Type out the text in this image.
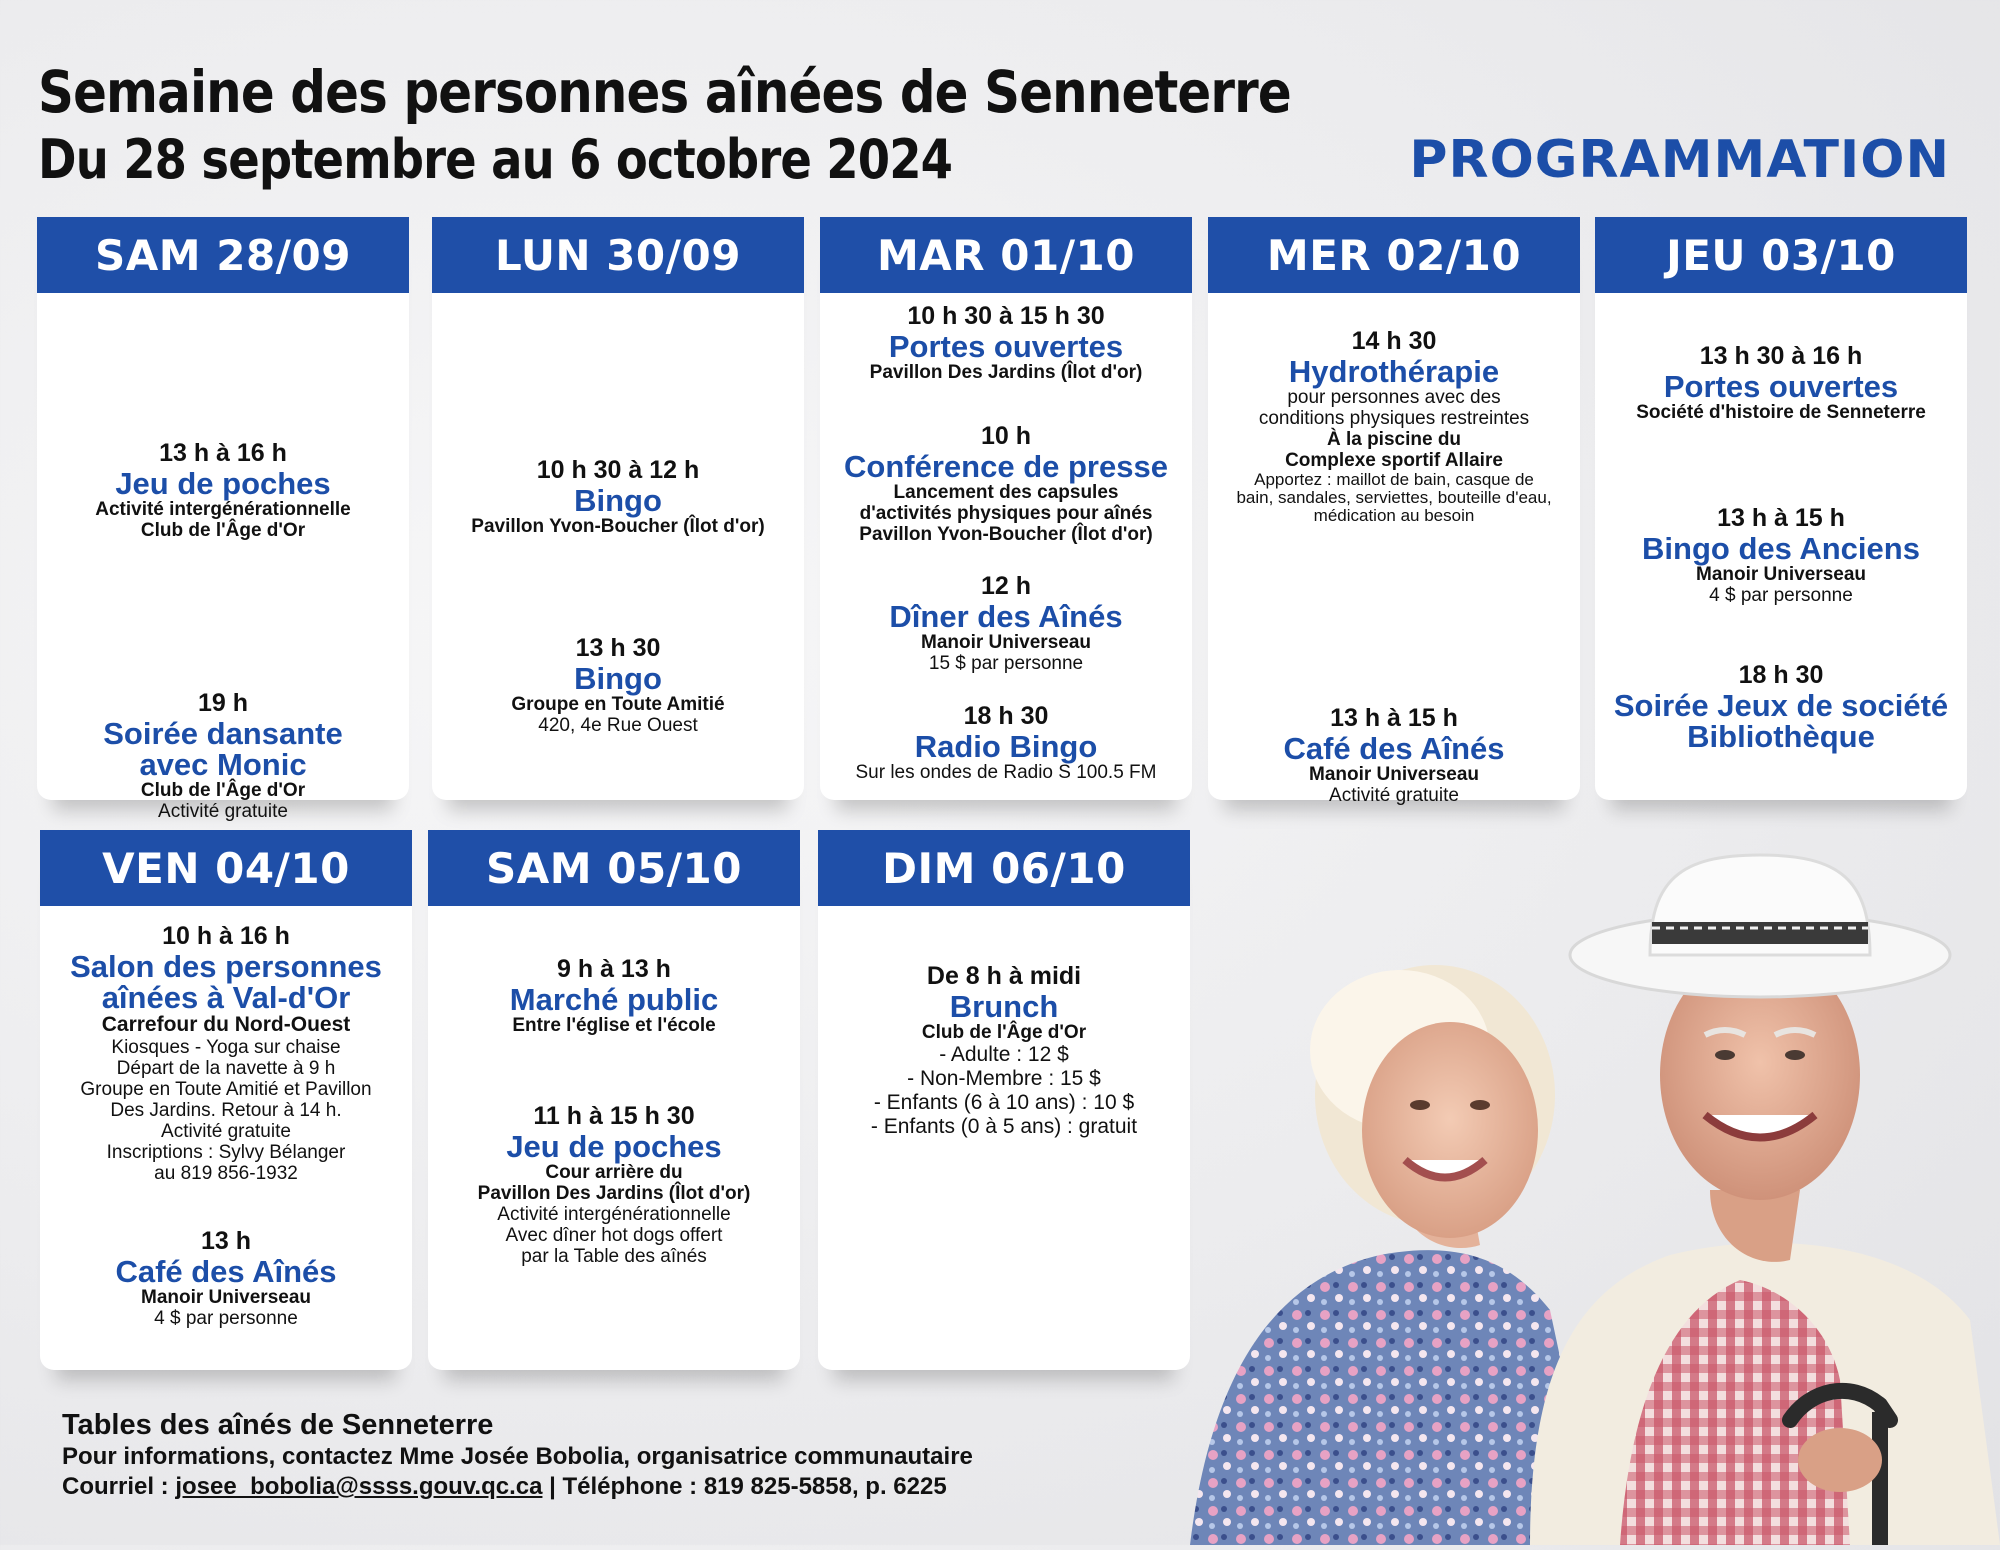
Semaine des personnes aînées de Senneterre
Du 28 septembre au 6 octobre 2024	PROGRAMMATION
SAM 28/09
13 h à 16 h
Jeu de poches
Activité intergénérationnelle
Club de l'Âge d'Or
19 h
Soirée dansante
avec Monic
Club de l'Âge d'Or
Activité gratuite
LUN 30/09
10 h 30 à 12 h
Bingo
Pavillon Yvon-Boucher (Îlot d'or)
13 h 30
Bingo
Groupe en Toute Amitié
420, 4e Rue Ouest
MAR 01/10
10 h 30 à 15 h 30
Portes ouvertes
Pavillon Des Jardins (Îlot d'or)
10 h
Conférence de presse
Lancement des capsules
d'activités physiques pour aînés
Pavillon Yvon-Boucher (Îlot d'or)
12 h
Dîner des Aînés
Manoir Universeau
15 $ par personne
18 h 30
Radio Bingo
Sur les ondes de Radio S 100.5 FM
MER 02/10
14 h 30
Hydrothérapie
pour personnes avec des
conditions physiques restreintes
À la piscine du
Complexe sportif Allaire
Apportez : maillot de bain, casque de
bain, sandales, serviettes, bouteille d'eau,
médication au besoin
13 h à 15 h
Café des Aînés
Manoir Universeau
Activité gratuite
JEU 03/10
13 h 30 à 16 h
Portes ouvertes
Société d'histoire de Senneterre
13 h à 15 h
Bingo des Anciens
Manoir Universeau
4 $ par personne
18 h 30
Soirée Jeux de société
Bibliothèque
VEN 04/10
10 h à 16 h
Salon des personnes
aînées à Val-d'Or
Carrefour du Nord-Ouest
Kiosques - Yoga sur chaise
Départ de la navette à 9 h
Groupe en Toute Amitié et Pavillon
Des Jardins. Retour à 14 h.
Activité gratuite
Inscriptions : Sylvy Bélanger
au 819 856-1932
13 h
Café des Aînés
Manoir Universeau
4 $ par personne
SAM 05/10
9 h à 13 h
Marché public
Entre l'église et l'école
11 h à 15 h 30
Jeu de poches
Cour arrière du
Pavillon Des Jardins (Îlot d'or)
Activité intergénérationnelle
Avec dîner hot dogs offert
par la Table des aînés
DIM 06/10
De 8 h à midi
Brunch
Club de l'Âge d'Or
- Adulte : 12 $
- Non-Membre : 15 $
- Enfants (6 à 10 ans) : 10 $
- Enfants (0 à 5 ans) : gratuit
Tables des aînés de Senneterre
Pour informations, contactez Mme Josée Bobolia, organisatrice communautaire
Courriel : josee_bobolia@ssss.gouv.qc.ca | Téléphone : 819 825-5858, p. 6225
